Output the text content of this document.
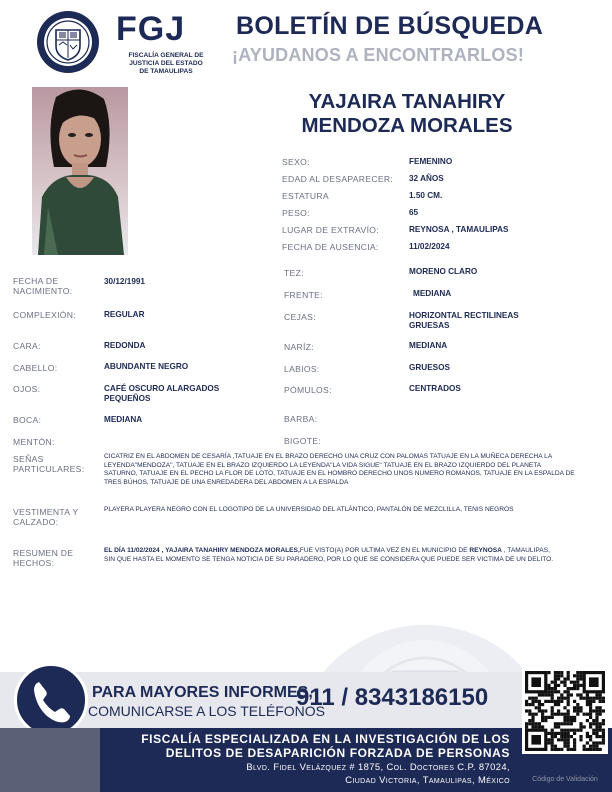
FGJ
FISCALÍA GENERAL DE
JUSTICIA DEL ESTADO
DE TAMAULIPAS
BOLETÍN DE BÚSQUEDA
¡AYUDANOS A ENCONTRARLOS!
YAJAIRA TANAHIRY
MENDOZA MORALES
SEXO:	FEMENINO
EDAD AL DESAPARECER: 32 AÑOS
ESTATURA	1.50 CM.
PESO:	65
LUGAR DE EXTRAVÍO:	REYNOSA , TAMAULIPAS
FECHA DE AUSENCIA:	11/02/2024
FECHA DE NACIMIENTO:
30/12/1991
COMPLEXIÓN:	REGULAR
CARA:	REDONDA
CABELLO:	ABUNDANTE NEGRO
OJOS:	CAFÉ OSCURO ALARGADOS PEQUEÑOS
BOCA:	MEDIANA
MENTÓN:
TEZ:	MORENO CLARO
FRENTE:	MEDIANA
CEJAS:	HORIZONTAL RECTILINEAS GRUESAS
NARÍZ:	MEDIANA
LABIOS:	GRUESOS
PÓMULOS:	CENTRADOS
BARBA:
BIGOTE:
SEÑAS PARTICULARES:
CICATRIZ EN EL ABDOMEN DE CESARÍA ,TATUAJE EN EL BRAZO DERECHO UNA CRUZ CON PALOMAS TATUAJE EN LA MUÑECA DERECHA LA LEYENDA"MENDOZA", TATUAJE EN EL BRAZO IZQUIERDO LA LEYENDA"LA VIDA SIGUE" TATUAJE EN EL BRAZO IZQUIERDO DEL PLANETA SATURNO, TATUAJE EN EL PECHO LA FLOR DE LOTO, TATUAJE EN EL HOMBRO DERECHO UNOS NUMERO ROMANOS, TATUAJE EN LA ESPALDA DE TRES BÚHOS, TATUAJE DE UNA ENREDADERA DEL ABDOMEN A LA ESPALDA
VESTIMENTA Y CALZADO:
PLAYERA PLAYERA NEGRO CON EL LOGOTIPO DE LA UNIVERSIDAD DEL ATLÁNTICO, PANTALÓN DE MEZCLILLA, TENIS NEGROS
RESUMEN DE HECHOS:
EL DÍA 11/02/2024 , YAJAIRA TANAHIRY MENDOZA MORALES,FUE VISTO(A) POR ULTIMA VEZ EN EL MUNICIPIO DE REYNOSA , TAMAULIPAS, SIN QUE HASTA EL MOMENTO SE TENGA NOTICIA DE SU PARADERO, POR LO QUE SE CONSIDERA QUE PUEDE SER VICTIMA DE UN DELITO.
PARA MAYORES INFORMES,
COMUNICARSE A LOS TELÉFONOS
911 / 8343186150
FISCALÍA ESPECIALIZADA EN LA INVESTIGACIÓN DE LOS
DELITOS DE DESAPARICIÓN FORZADA DE PERSONAS
Blvd. Fidel Velázquez # 1875, Col. Doctores C.P. 87024,
Ciudad Victoria, Tamaulipas, México	Código de Validación
